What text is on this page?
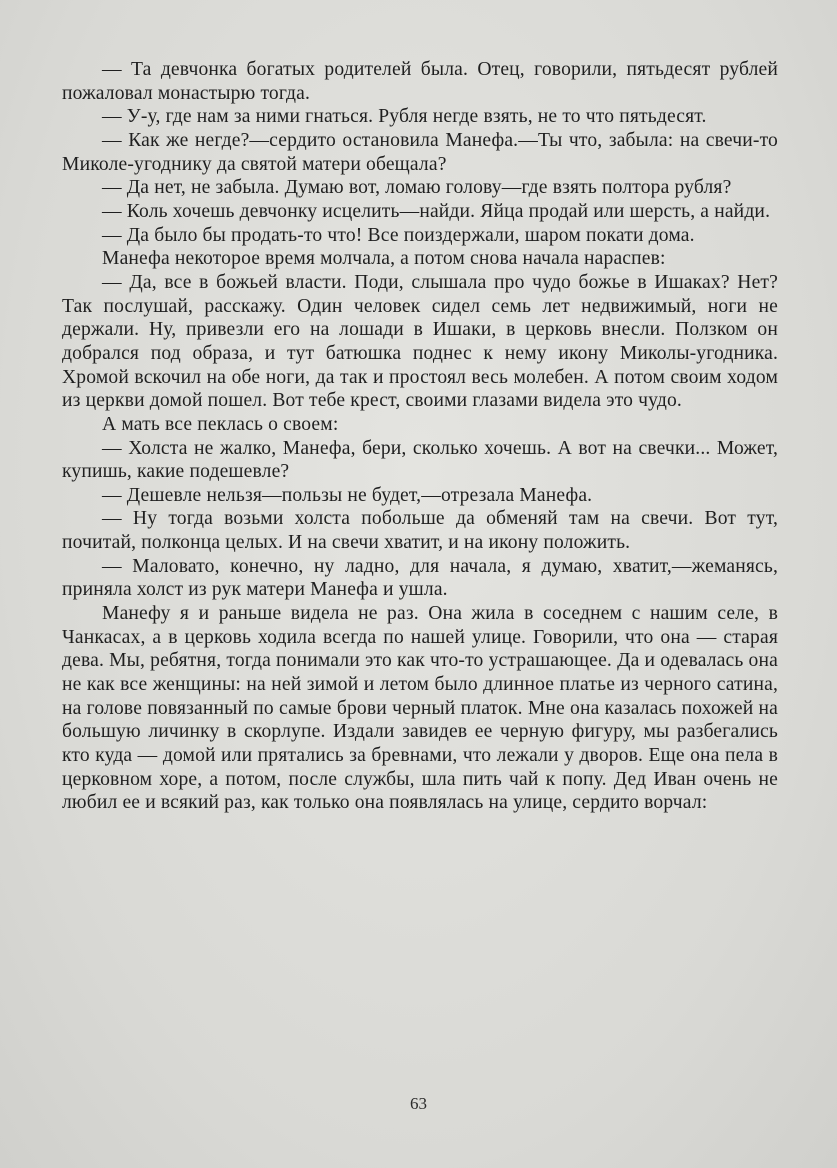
— Та девчонка богатых родителей была. Отец, говорили, пятьдесят рублей пожаловал монастырю тогда.

— У-у, где нам за ними гнаться. Рубля негде взять, не то что пятьдесят.

— Как же негде?—сердито остановила Манефа.—Ты что, забыла: на свечи-то Миколе-угоднику да святой матери обещала?

— Да нет, не забыла. Думаю вот, ломаю голову—где взять полтора рубля?

— Коль хочешь девчонку исцелить—найди. Яйца продай или шерсть, а найди.

— Да было бы продать-то что! Все поиздержали, шаром покати дома.

Манефа некоторое время молчала, а потом снова начала нараспев:

— Да, все в божьей власти. Поди, слышала про чудо божье в Ишаках? Нет? Так послушай, расскажу. Один человек сидел семь лет недвижимый, ноги не держали. Ну, привезли его на лошади в Ишаки, в церковь внесли. Ползком он добрался под образа, и тут батюшка поднес к нему икону Миколы-угодника. Хромой вскочил на обе ноги, да так и простоял весь молебен. А потом своим ходом из церкви домой пошел. Вот тебе крест, своими глазами видела это чудо.

А мать все пеклась о своем:

— Холста не жалко, Манефа, бери, сколько хочешь. А вот на свечки... Может, купишь, какие подешевле?

— Дешевле нельзя—пользы не будет,—отрезала Манефа.

— Ну тогда возьми холста побольше да обменяй там на свечи. Вот тут, почитай, полконца целых. И на свечи хватит, и на икону положить.

— Маловато, конечно, ну ладно, для начала, я думаю, хватит,—жеманясь, приняла холст из рук матери Манефа и ушла.

Манефу я и раньше видела не раз. Она жила в соседнем с нашим селе, в Чанкасах, а в церковь ходила всегда по нашей улице. Говорили, что она — старая дева. Мы, ребятня, тогда понимали это как что-то устрашающее. Да и одевалась она не как все женщины: на ней зимой и летом было длинное платье из черного сатина, на голове повязанный по самые брови черный платок. Мне она казалась похожей на большую личинку в скорлупе. Издали завидев ее черную фигуру, мы разбегались кто куда — домой или прятались за бревнами, что лежали у дворов. Еще она пела в церковном хоре, а потом, после службы, шла пить чай к попу. Дед Иван очень не любил ее и всякий раз, как только она появлялась на улице, сердито ворчал:

63
